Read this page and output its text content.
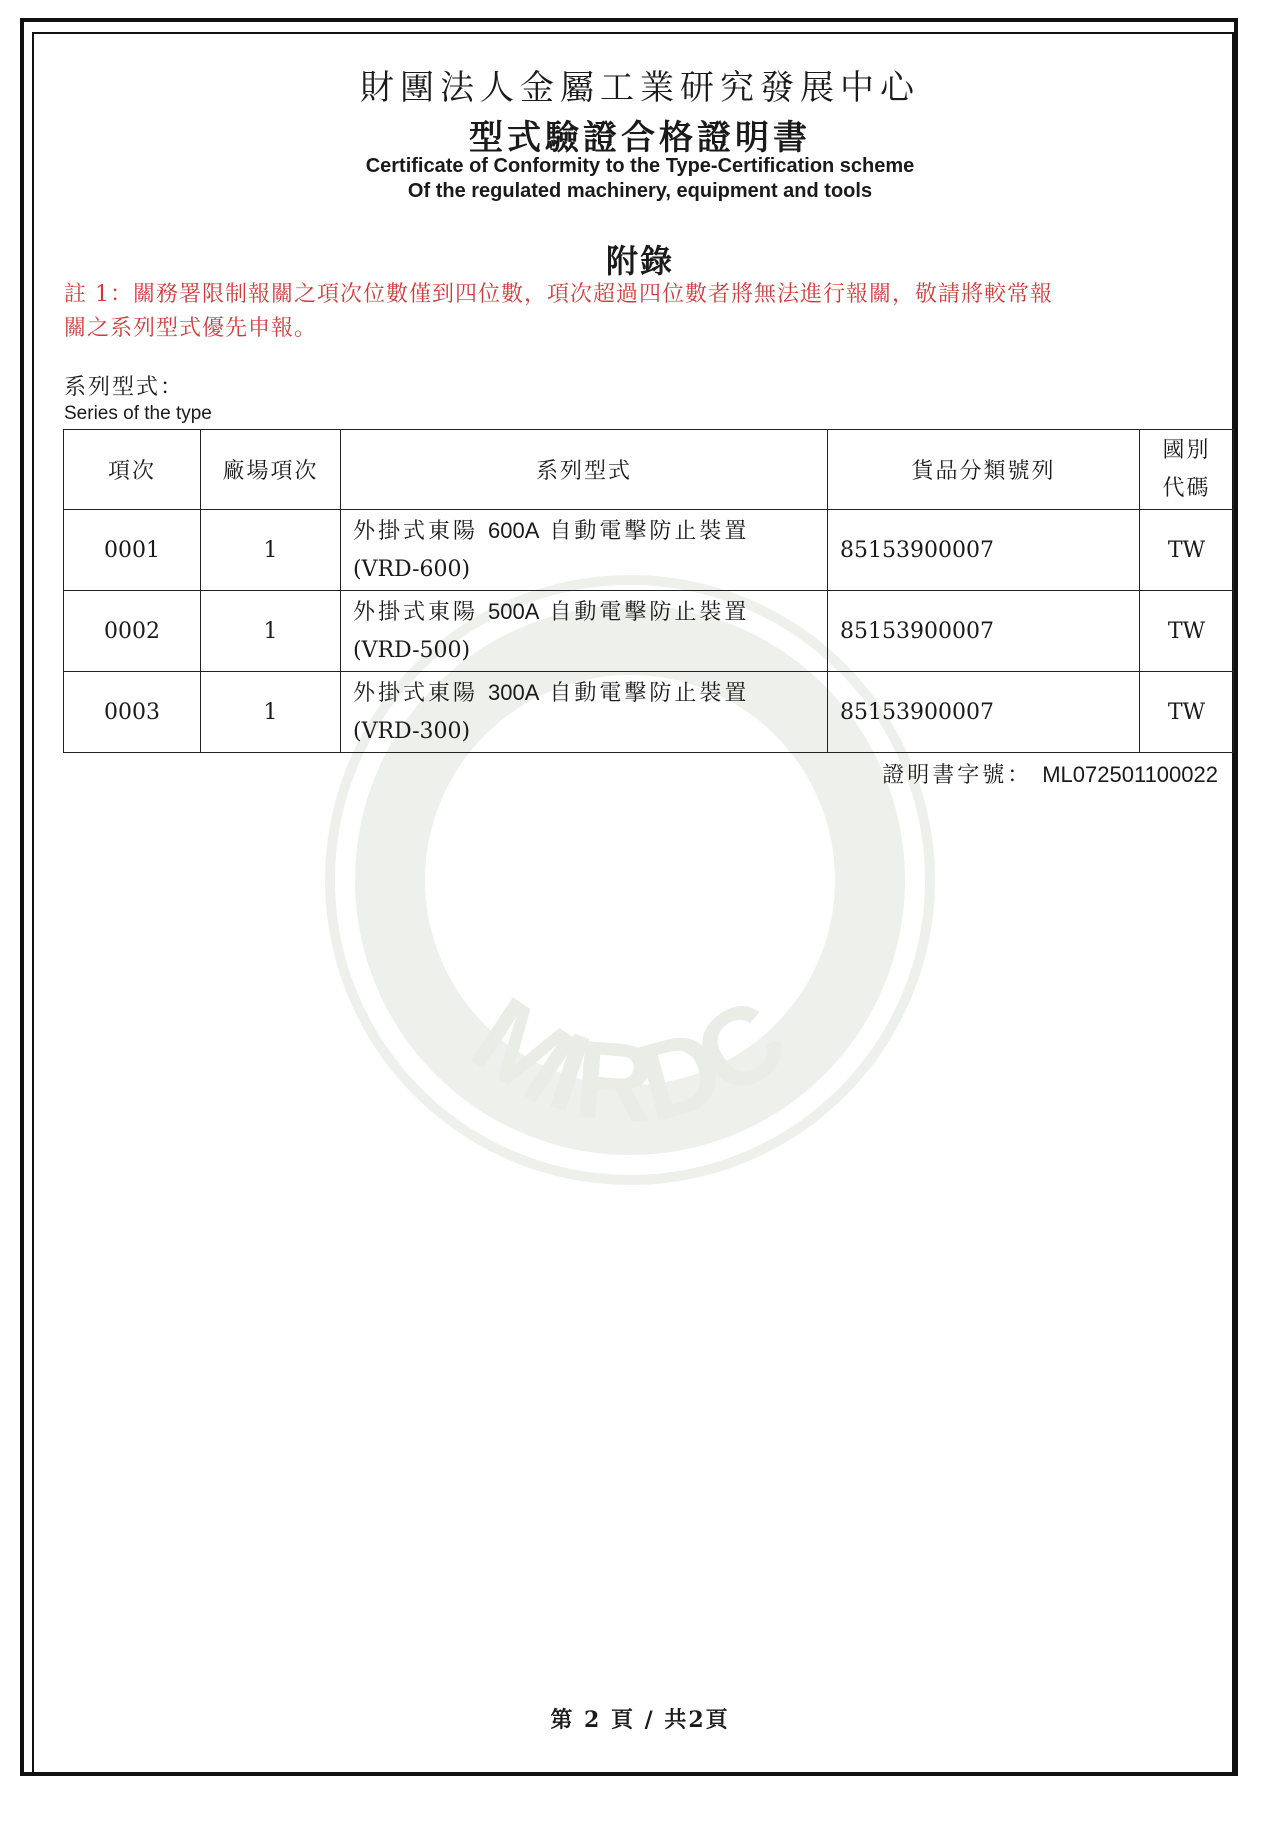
MIRDC
財團法人金屬工業研究發展中心
型式驗證合格證明書
Certificate of Conformity to the Type-Certification scheme
Of the regulated machinery, equipment and tools
附錄
註 1：關務署限制報關之項次位數僅到四位數，項次超過四位數者將無法進行報關，敬請將較常報
關之系列型式優先申報。
系列型式：
Series of the type
項次	廠場項次	系列型式	貨品分類號列	國別
代碼

0001	1	外掛式東陽 600A 自動電擊防止裝置
(VRD-600)	85153900007	TW
0002	1	外掛式東陽 500A 自動電擊防止裝置
(VRD-500)	85153900007	TW
0003	1	外掛式東陽 300A 自動電擊防止裝置
(VRD-300)	85153900007	TW
證明書字號： ML072501100022
第 2 頁 / 共2頁
